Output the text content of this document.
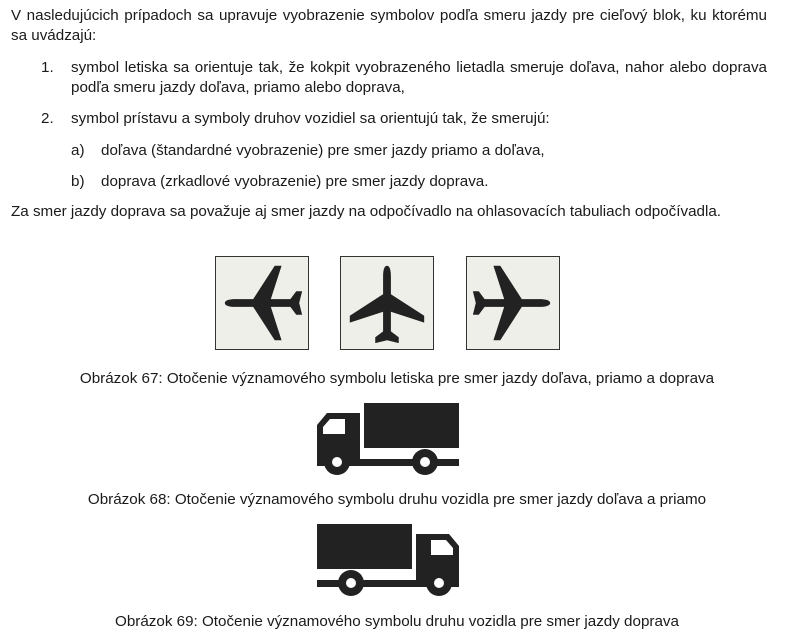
V nasledujúcich prípadoch sa upravuje vyobrazenie symbolov podľa smeru jazdy pre cieľový blok, ku ktorému sa uvádzajú:

1. symbol letiska sa orientuje tak, že kokpit vyobrazeného lietadla smeruje doľava, nahor alebo doprava podľa smeru jazdy doľava, priamo alebo doprava,
2. symbol prístavu a symboly druhov vozidiel sa orientujú tak, že smerujú:
a) doľava (štandardné vyobrazenie) pre smer jazdy priamo a doľava,
b) doprava (zrkadlové vyobrazenie) pre smer jazdy doprava.

Za smer jazdy doprava sa považuje aj smer jazdy na odpočívadlo na ohlasovacích tabuliach odpočívadla.

Obrázok 67: Otočenie významového symbolu letiska pre smer jazdy doľava, priamo a doprava

Obrázok 68: Otočenie významového symbolu druhu vozidla pre smer jazdy doľava a priamo

Obrázok 69: Otočenie významového symbolu druhu vozidla pre smer jazdy doprava
